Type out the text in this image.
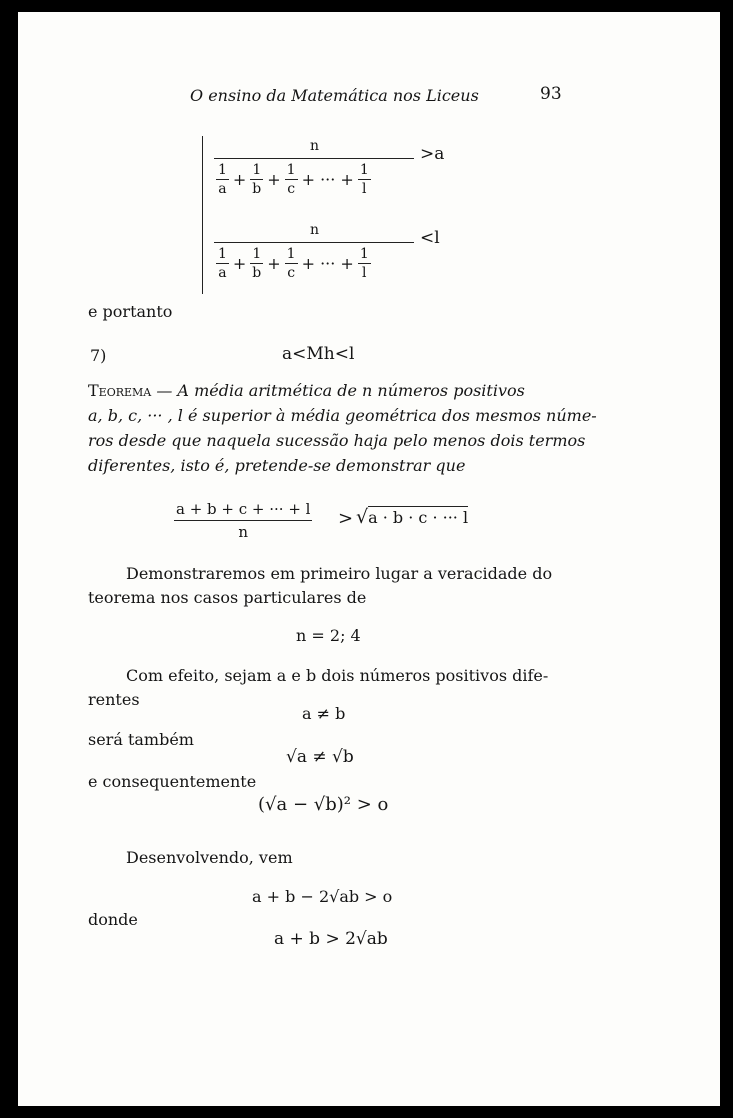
O ensino da Matemática nos Liceus	93
n	>a
1
$a + \frac{1}{b} + \frac{1}{c}$ + ··· + $\frac{1}{l}$
n	<l
1
$a + \frac{1}{b} + \frac{1}{c}$ + ··· + $\frac{1}{l}$
e portanto
7)	a<Mh<l
Teorema — A média aritmética de n números positivos
a, b, c, ··· , l é superior à média geométrica dos mesmos núme-
ros desde que naquela sucessão haja pelo menos dois termos
diferentes, isto é, pretende-se demonstrar que
$\frac{a + b + c + \cdot\cdot\cdot + l}{n} > √a \cdot b \cdot c$ · ··· l
Demonstraremos em primeiro lugar a veracidade do
teorema nos casos particulares de
n = 2; 4
Com efeito, sejam a e b dois números positivos dife-
rentes
a ≠ b
será também
√a ≠ √b
e consequentemente
(√a − √b)² > o
Desenvolvendo, vem
a + b − 2√ab > o
donde
a + b > 2√ab
